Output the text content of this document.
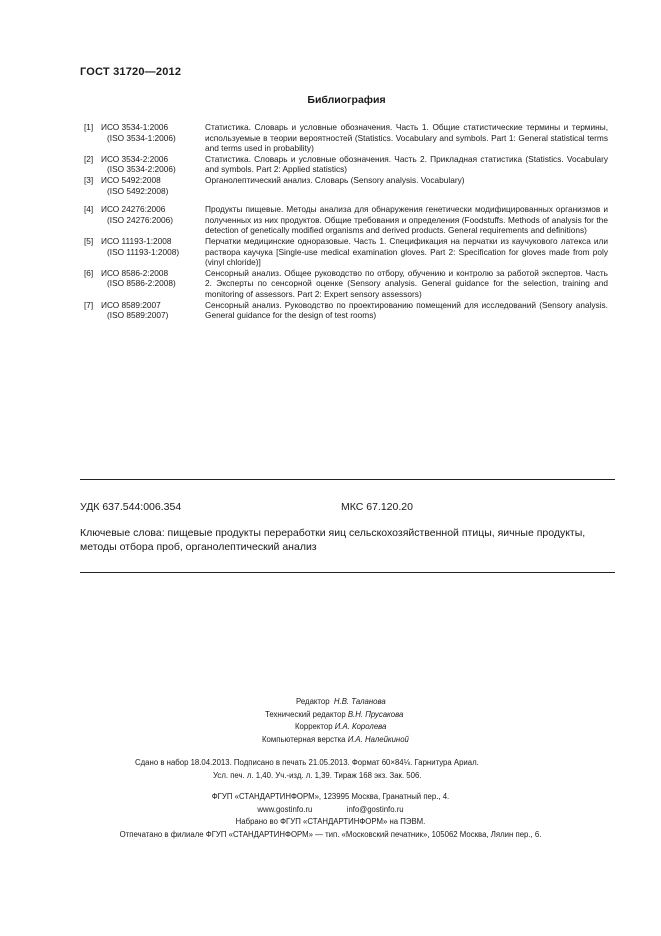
ГОСТ 31720—2012
Библиография
[1] ИСО 3534-1:2006
(ISO 3534-1:2006)
Статистика. Словарь и условные обозначения. Часть 1. Общие статистические термины и термины, используемые в теории вероятностей (Statistics. Vocabulary and symbols. Part 1: General statistical terms and terms used in probability)
[2] ИСО 3534-2:2006
(ISO 3534-2:2006)
Статистика. Словарь и условные обозначения. Часть 2. Прикладная статистика (Statistics. Vocabulary and symbols. Part 2: Applied statistics)
[3] ИСО 5492:2008
(ISO 5492:2008)
Органолептический анализ. Словарь (Sensory analysis. Vocabulary)
[4] ИСО 24276:2006
(ISO 24276:2006)
Продукты пищевые. Методы анализа для обнаружения генетически модифицированных организмов и полученных из них продуктов. Общие требования и определения (Foodstuffs. Methods of analysis for the detection of genetically modified organisms and derived products. General requirements and definitions)
[5] ИСО 11193-1:2008
(ISO 11193-1:2008)
Перчатки медицинские одноразовые. Часть 1. Спецификация на перчатки из каучукового латекса или раствора каучука [Single-use medical examination gloves. Part 2: Specification for gloves made from poly (vinyl chloride)]
[6] ИСО 8586-2:2008
(ISO 8586-2:2008)
Сенсорный анализ. Общее руководство по отбору, обучению и контролю за работой экспертов. Часть 2. Эксперты по сенсорной оценке (Sensory analysis. General guidance for the selection, training and monitoring of assessors. Part 2: Expert sensory assessors)
[7] ИСО 8589:2007
(ISO 8589:2007)
Сенсорный анализ. Руководство по проектированию помещений для исследований (Sensory analysis. General guidance for the design of test rooms)
УДК 637.544:006.354	МКС 67.120.20
Ключевые слова: пищевые продукты переработки яиц сельскохозяйственной птицы, яичные продукты, методы отбора проб, органолептический анализ
Редактор Н.В. Таланова
Технический редактор В.Н. Прусакова
Корректор И.А. Королева
Компьютерная верстка И.А. Налейкиной
Сдано в набор 18.04.2013. Подписано в печать 21.05.2013. Формат 60×84⅛. Гарнитура Ариал.
Усл. печ. л. 1,40. Уч.-изд. л. 1,39. Тираж 168 экз. Зак. 506.
ФГУП «СТАНДАРТИНФОРМ», 123995 Москва, Гранатный пер., 4.
www.gostinfo.ru	info@gostinfo.ru
Набрано во ФГУП «СТАНДАРТИНФОРМ» на ПЭВМ.
Отпечатано в филиале ФГУП «СТАНДАРТИНФОРМ» — тип. «Московский печатник», 105062 Москва, Лялин пер., 6.
